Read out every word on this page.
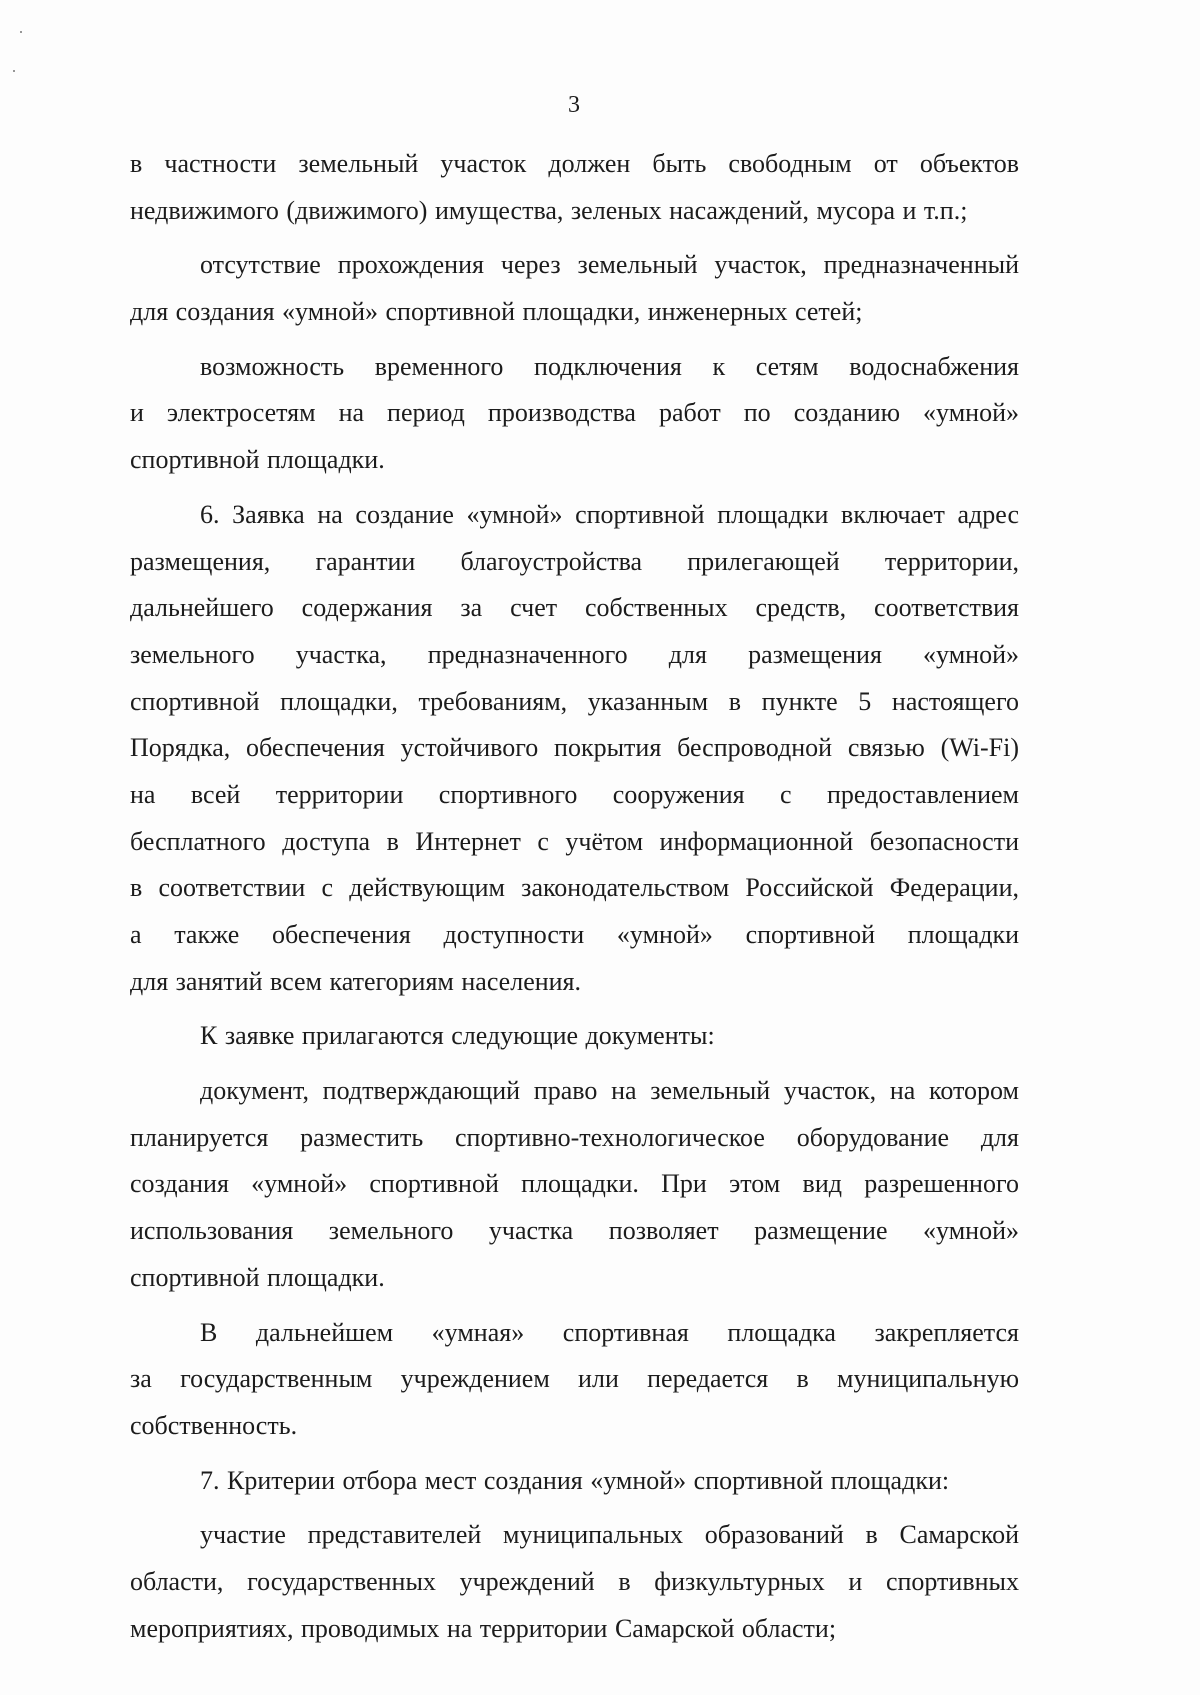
3
в частности земельный участок должен быть свободным от объектов
недвижимого (движимого) имущества, зеленых насаждений, мусора и т.п.;
отсутствие прохождения через земельный участок, предназначенный
для создания «умной» спортивной площадки, инженерных сетей;
возможность временного подключения к сетям водоснабжения
и электросетям на период производства работ по созданию «умной»
спортивной площадки.
6. Заявка на создание «умной» спортивной площадки включает адрес
размещения, гарантии благоустройства прилегающей территории,
дальнейшего содержания за счет собственных средств, соответствия
земельного участка, предназначенного для размещения «умной»
спортивной площадки, требованиям, указанным в пункте 5 настоящего
Порядка, обеспечения устойчивого покрытия беспроводной связью (Wi-Fi)
на всей территории спортивного сооружения с предоставлением
бесплатного доступа в Интернет с учётом информационной безопасности
в соответствии с действующим законодательством Российской Федерации,
а также обеспечения доступности «умной» спортивной площадки
для занятий всем категориям населения.
К заявке прилагаются следующие документы:
документ, подтверждающий право на земельный участок, на котором
планируется разместить спортивно-технологическое оборудование для
создания «умной» спортивной площадки. При этом вид разрешенного
использования земельного участка позволяет размещение «умной»
спортивной площадки.
В дальнейшем «умная» спортивная площадка закрепляется
за государственным учреждением или передается в муниципальную
собственность.
7. Критерии отбора мест создания «умной» спортивной площадки:
участие представителей муниципальных образований в Самарской
области, государственных учреждений в физкультурных и спортивных
мероприятиях, проводимых на территории Самарской области;
